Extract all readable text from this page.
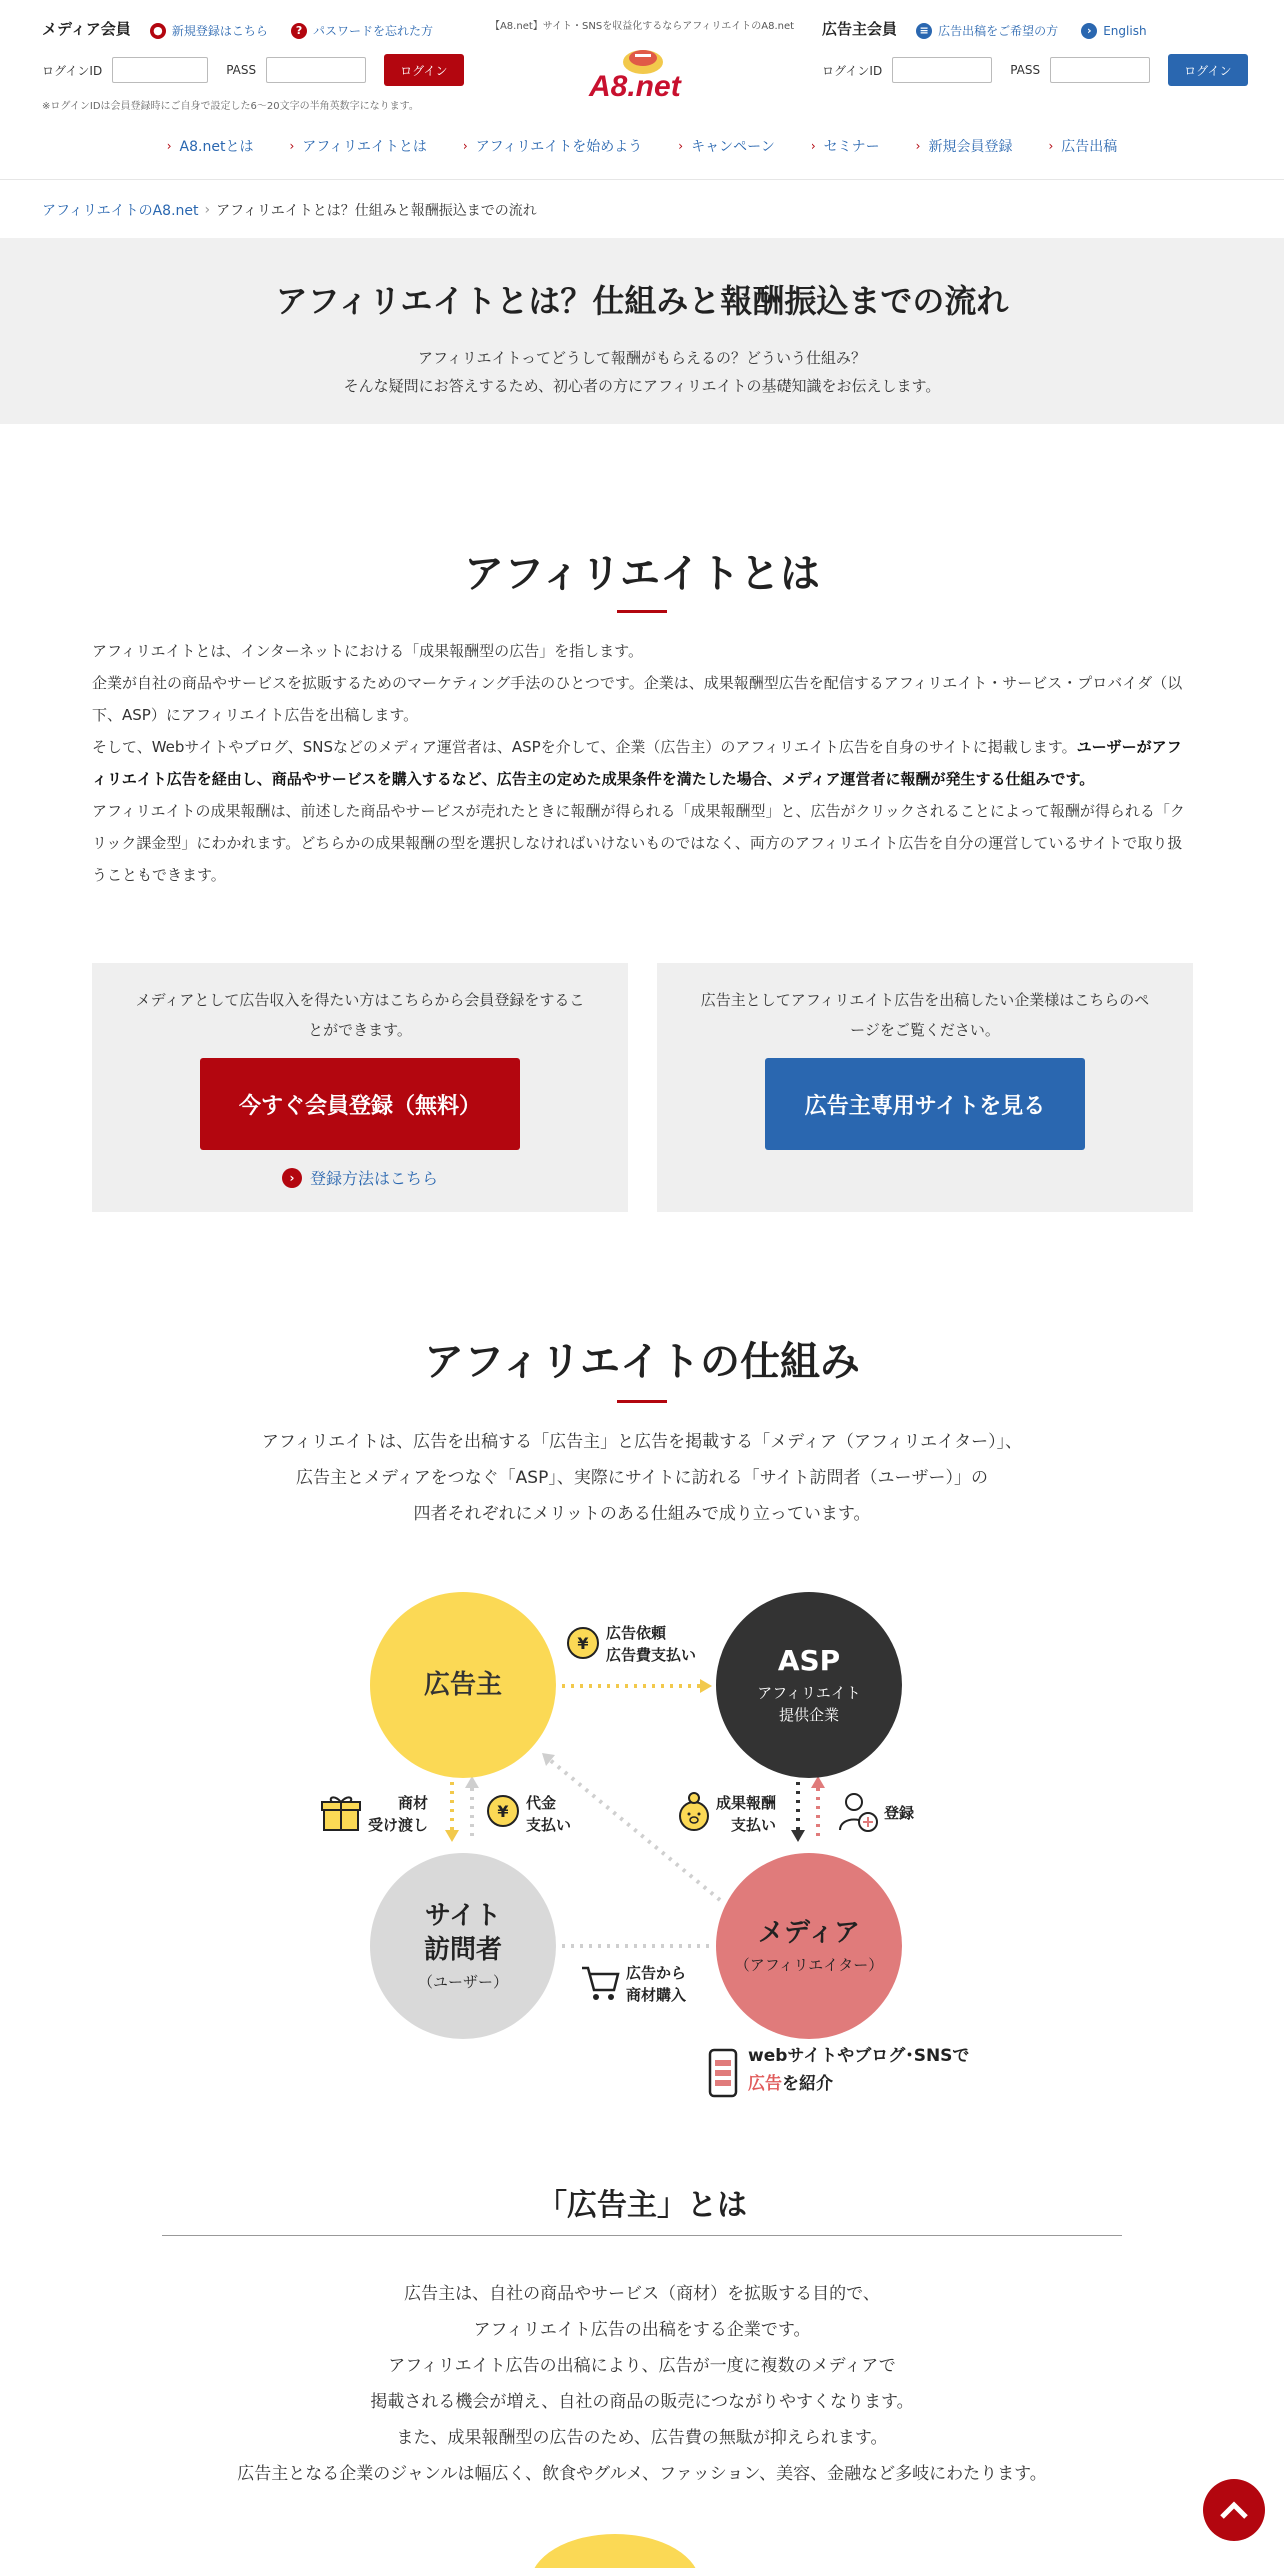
【A8.net】サイト・SNSを収益化するならアフィリエイトのA8.net
メディア会員 ● 新規登録はこちら
	? パスワードを忘れた方
ログインID	PASS	ログイン
※ログインIDは会員登録時にご自身で設定した6～20文字の半角英数字になります。
A8.net
広告主会員	≡ 広告出稿をご希望の方
	› English
ログインID	PASS	ログイン
› A8.netとは	› アフィリエイトとは	› アフィリエイトを始めよう	› キャンペーン	› セミナー	› 新規会員登録	› 広告出稿
アフィリエイトのA8.net › アフィリエイトとは？仕組みと報酬振込までの流れ
アフィリエイトとは？仕組みと報酬振込までの流れ

アフィリエイトってどうして報酬がもらえるの？どういう仕組み？

そんな疑問にお答えするため、初心者の方にアフィリエイトの基礎知識をお伝えします。

アフィリエイトとは
アフィリエイトとは、インターネットにおける「成果報酬型の広告」を指します。
企業が自社の商品やサービスを拡販するためのマーケティング手法のひとつです。企業は、成果報酬型広告を配信するアフィリエイト・サービス・プロバイダ（以下、ASP）にアフィリエイト広告を出稿します。
そして、Webサイトやブログ、SNSなどのメディア運営者は、ASPを介して、企業（広告主）のアフィリエイト広告を自身のサイトに掲載します。ユーザーがアフィリエイト広告を経由し、商品やサービスを購入するなど、広告主の定めた成果条件を満たした場合、メディア運営者に報酬が発生する仕組みです。
アフィリエイトの成果報酬は、前述した商品やサービスが売れたときに報酬が得られる「成果報酬型」と、広告がクリックされることによって報酬が得られる「クリック課金型」にわかれます。どちらかの成果報酬の型を選択しなければいけないものではなく、両方のアフィリエイト広告を自分の運営しているサイトで取り扱うこともできます。

メディアとして広告収入を得たい方はこちらから会員登録をすることができます。

今すぐ会員登録（無料）
› 登録方法はこちら

広告主としてアフィリエイト広告を出稿したい企業様はこちらのページをご覧ください。

広告主専用サイトを見る
アフィリエイトの仕組み
アフィリエイトは、広告を出稿する「広告主」と広告を掲載する「メディア（アフィリエイター）」、
広告主とメディアをつなぐ「ASP」、実際にサイトに訪れる「サイト訪問者（ユーザー）」の
四者それぞれにメリットのある仕組みで成り立っています。
広告主
ASP
アフィリエイト
提供企業
サイト
訪問者
（ユーザー）
メディア
（アフィリエイター）
¥
広告依頼
広告費支払い
商材
受け渡し
¥ 代金
支払い
成果報酬
支払い
登録
広告から
商材購入
webサイトやブログ･SNSで
広告を紹介
「広告主」とは
広告主は、自社の商品やサービス（商材）を拡販する目的で、
アフィリエイト広告の出稿をする企業です。
アフィリエイト広告の出稿により、広告が一度に複数のメディアで
掲載される機会が増え、自社の商品の販売につながりやすくなります。
また、成果報酬型の広告のため、広告費の無駄が抑えられます。
広告主となる企業のジャンルは幅広く、飲食やグルメ、ファッション、美容、金融など多岐にわたります。
